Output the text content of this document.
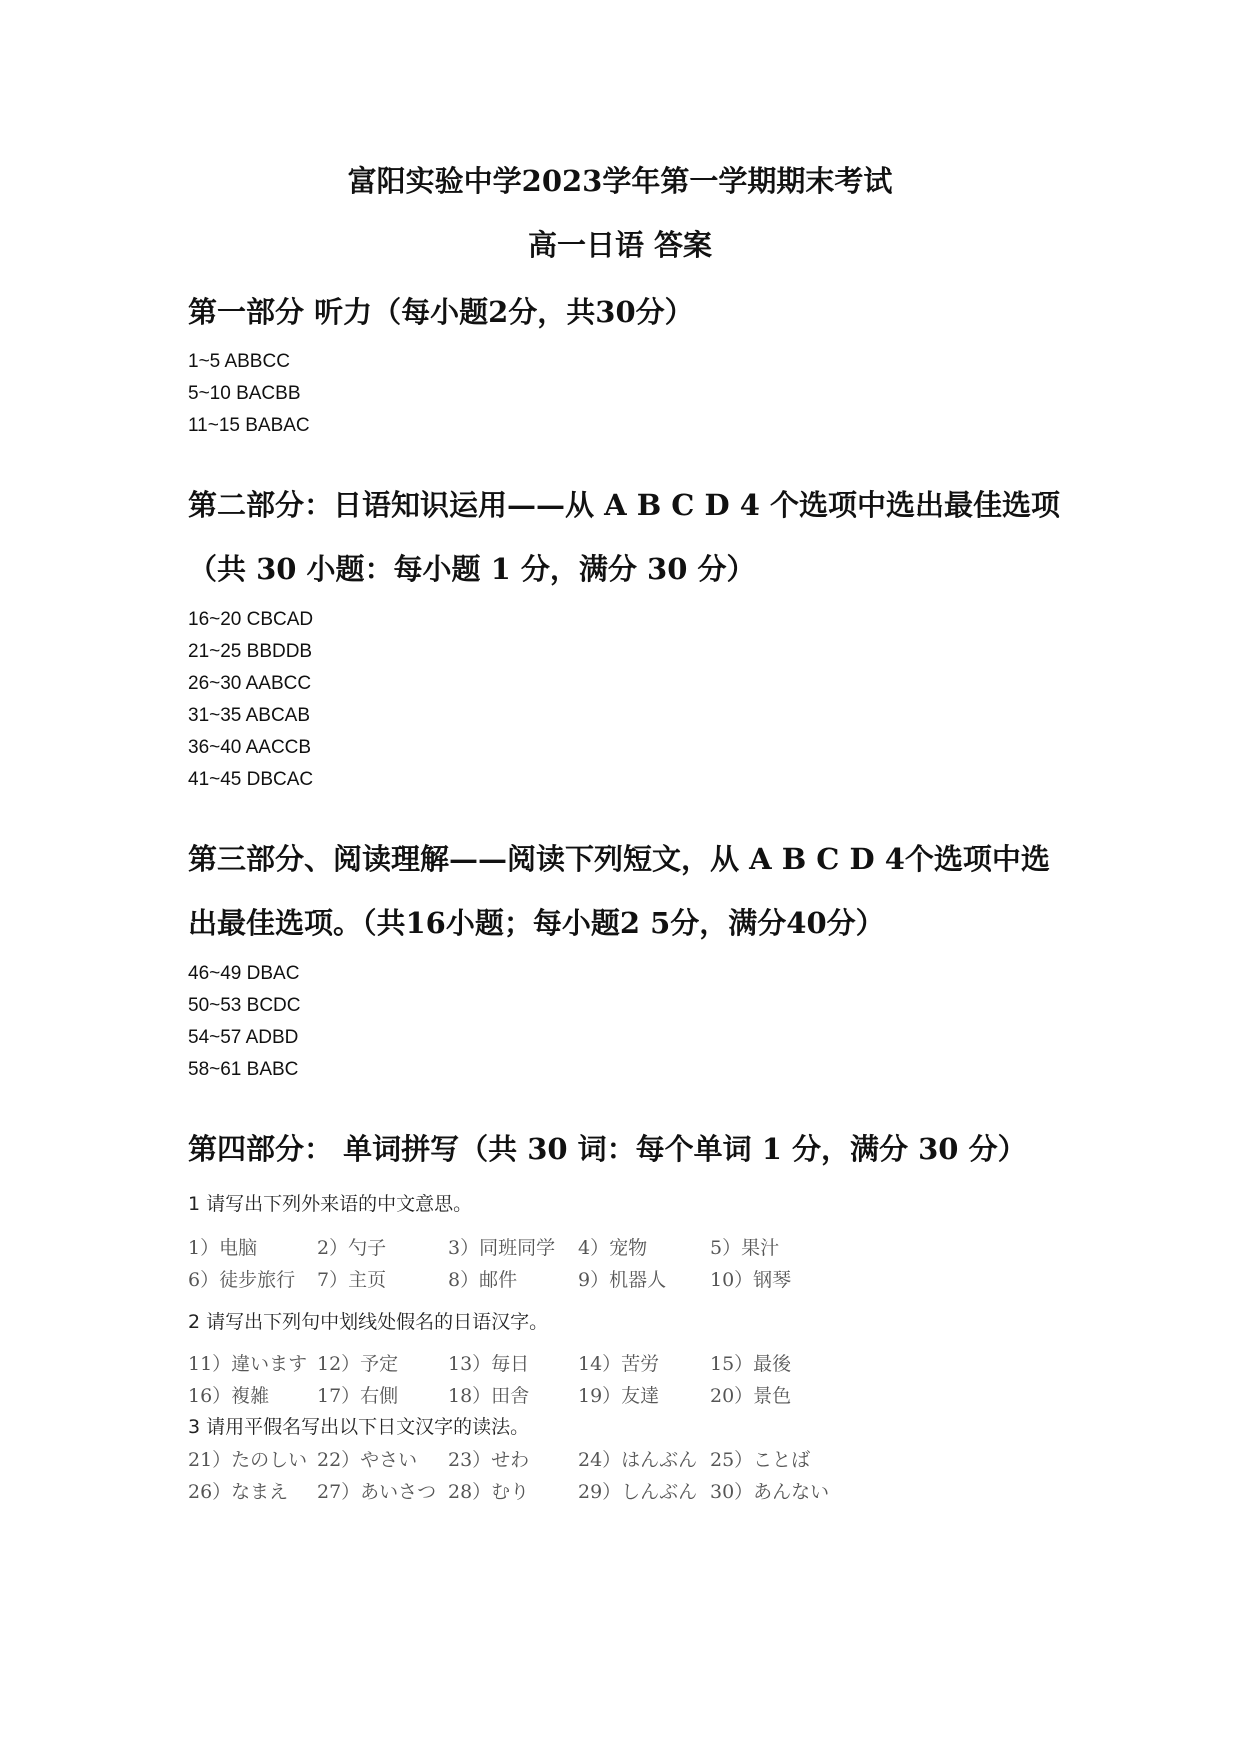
富阳实验中学2023学年第一学期期末考试
高一日语 答案
第一部分 听力（每小题2分，共30分）
1~5 ABBCC
5~10 BACBB
11~15 BABAC
第二部分：日语知识运用——从 A B C D 4 个选项中选出最佳选项
（共 30 小题：每小题 1 分，满分 30 分）
16~20 CBCAD
21~25 BBDDB
26~30 AABCC
31~35 ABCAB
36~40 AACCB
41~45 DBCAC
第三部分、阅读理解——阅读下列短文，从 A B C D 4个选项中选
出最佳选项。（共16小题；每小题2 5分，满分40分）
46~49 DBAC
50~53 BCDC
54~57 ADBD
58~61 BABC
第四部分： 单词拼写（共 30 词：每个单词 1 分，满分 30 分）
1 请写出下列外来语的中文意思。
1）电脑	2）勺子	3）同班同学 4）宠物	5）果汁
6）徒步旅行 7）主页	8）邮件	9）机器人 10）钢琴
2 请写出下列句中划线处假名的日语汉字。
11）違います 12）予定	13）毎日	14）苦労	15）最後
16）複雑	17）右側	18）田舎	19）友達	20）景色
3 请用平假名写出以下日文汉字的读法。
21）たのしい 22）やさい 23）せわ	24）はんぶん 25）ことば
26）なまえ 27）あいさつ 28）むり	29）しんぶん 30）あんない
